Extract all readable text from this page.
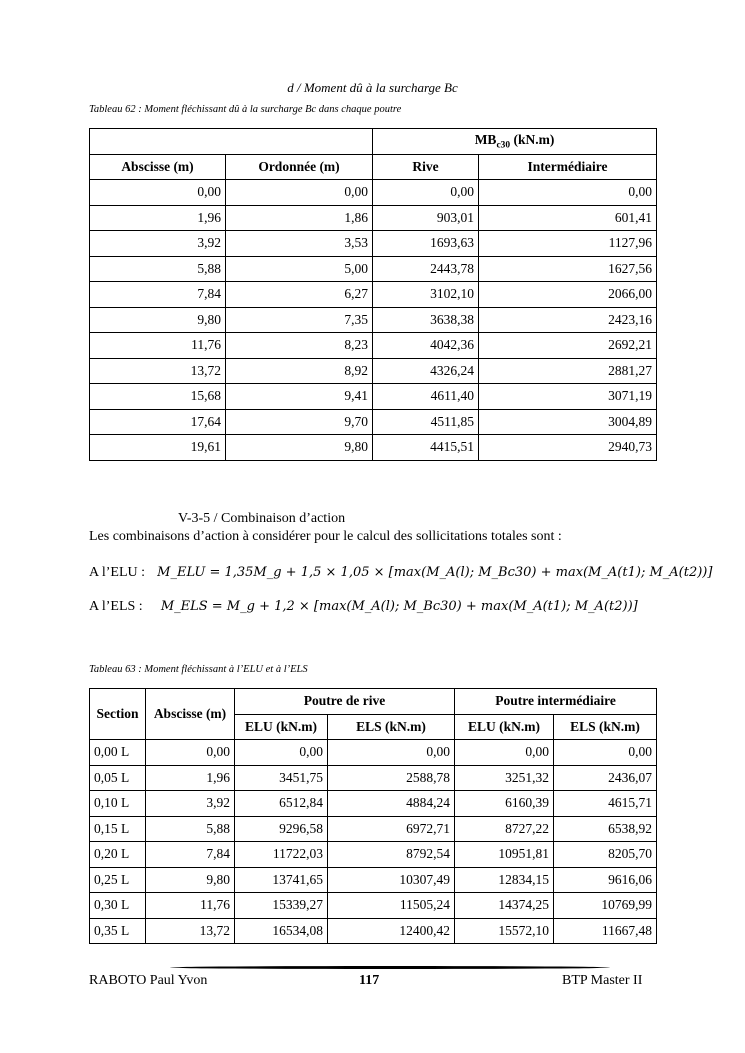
d / Moment dû à la surcharge Bc
Tableau 62 : Moment fléchissant dû à la surcharge Bc dans chaque poutre
		$MB_{c30}$ (kN.m)	
Abscisse (m)	Ordonnée (m)	Rive	Intermédiaire
0,00	0,00	0,00	0,00
1,96	1,86	903,01	601,41
3,92	3,53	1693,63	1127,96
5,88	5,00	2443,78	1627,56
7,84	6,27	3102,10	2066,00
9,80	7,35	3638,38	2423,16
11,76	8,23	4042,36	2692,21
13,72	8,92	4326,24	2881,27
15,68	9,41	4611,40	3071,19
17,64	9,70	4511,85	3004,89
19,61	9,80	4415,51	2940,73
V-3-5 / Combinaison d’action
Les combinaisons d’action à considérer pour le calcul des sollicitations totales sont :
A l’ELU : M_ELU = 1,35M_g + 1,5 × 1,05 × [max(M_A(l); M_Bc30) + max(M_A(t1); M_A(t2))]
A l’ELS : M_ELS = M_g + 1,2 × [max(M_A(l); M_Bc30) + max(M_A(t1); M_A(t2))]
Tableau 63 : Moment fléchissant à l’ELU et à l’ELS
Section	Abscisse (m)	Poutre de rive		Poutre intermédiaire	
		ELU (kN.m)	ELS (kN.m)	ELU (kN.m)	ELS (kN.m)
0,00 L	0,00	0,00	0,00	0,00	0,00
0,05 L	1,96	3451,75	2588,78	3251,32	2436,07
0,10 L	3,92	6512,84	4884,24	6160,39	4615,71
0,15 L	5,88	9296,58	6972,71	8727,22	6538,92
0,20 L	7,84	11722,03	8792,54	10951,81	8205,70
0,25 L	9,80	13741,65	10307,49	12834,15	9616,06
0,30 L	11,76	15339,27	11505,24	14374,25	10769,99
0,35 L	13,72	16534,08	12400,42	15572,10	11667,48
RABOTO Paul Yvon	117	BTP Master II
